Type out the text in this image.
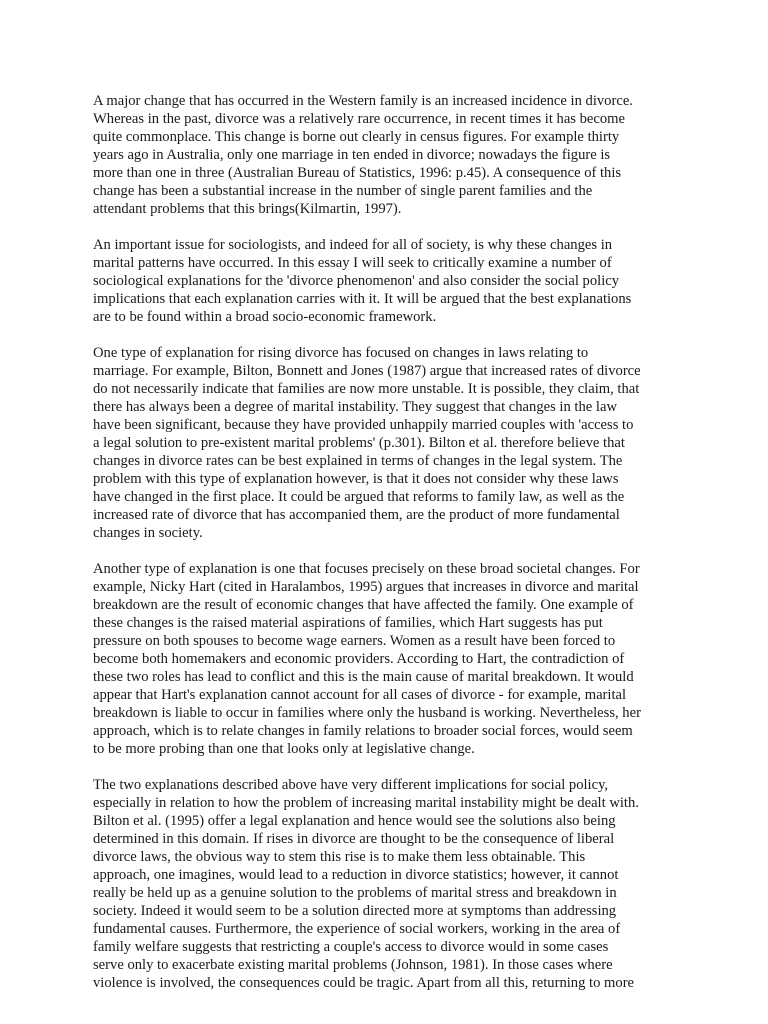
A major change that has occurred in the Western family is an increased incidence in divorce.
Whereas in the past, divorce was a relatively rare occurrence, in recent times it has become
quite commonplace. This change is borne out clearly in census figures. For example thirty
years ago in Australia, only one marriage in ten ended in divorce; nowadays the figure is
more than one in three (Australian Bureau of Statistics, 1996: p.45). A consequence of this
change has been a substantial increase in the number of single parent families and the
attendant problems that this brings(Kilmartin, 1997).
An important issue for sociologists, and indeed for all of society, is why these changes in
marital patterns have occurred. In this essay I will seek to critically examine a number of
sociological explanations for the 'divorce phenomenon' and also consider the social policy
implications that each explanation carries with it. It will be argued that the best explanations
are to be found within a broad socio-economic framework.
One type of explanation for rising divorce has focused on changes in laws relating to
marriage. For example, Bilton, Bonnett and Jones (1987) argue that increased rates of divorce
do not necessarily indicate that families are now more unstable. It is possible, they claim, that
there has always been a degree of marital instability. They suggest that changes in the law
have been significant, because they have provided unhappily married couples with 'access to
a legal solution to pre-existent marital problems' (p.301). Bilton et al. therefore believe that
changes in divorce rates can be best explained in terms of changes in the legal system. The
problem with this type of explanation however, is that it does not consider why these laws
have changed in the first place. It could be argued that reforms to family law, as well as the
increased rate of divorce that has accompanied them, are the product of more fundamental
changes in society.
Another type of explanation is one that focuses precisely on these broad societal changes. For
example, Nicky Hart (cited in Haralambos, 1995) argues that increases in divorce and marital
breakdown are the result of economic changes that have affected the family. One example of
these changes is the raised material aspirations of families, which Hart suggests has put
pressure on both spouses to become wage earners. Women as a result have been forced to
become both homemakers and economic providers. According to Hart, the contradiction of
these two roles has lead to conflict and this is the main cause of marital breakdown. It would
appear that Hart's explanation cannot account for all cases of divorce - for example, marital
breakdown is liable to occur in families where only the husband is working. Nevertheless, her
approach, which is to relate changes in family relations to broader social forces, would seem
to be more probing than one that looks only at legislative change.
The two explanations described above have very different implications for social policy,
especially in relation to how the problem of increasing marital instability might be dealt with.
Bilton et al. (1995) offer a legal explanation and hence would see the solutions also being
determined in this domain. If rises in divorce are thought to be the consequence of liberal
divorce laws, the obvious way to stem this rise is to make them less obtainable. This
approach, one imagines, would lead to a reduction in divorce statistics; however, it cannot
really be held up as a genuine solution to the problems of marital stress and breakdown in
society. Indeed it would seem to be a solution directed more at symptoms than addressing
fundamental causes. Furthermore, the experience of social workers, working in the area of
family welfare suggests that restricting a couple's access to divorce would in some cases
serve only to exacerbate existing marital problems (Johnson, 1981). In those cases where
violence is involved, the consequences could be tragic. Apart from all this, returning to more
